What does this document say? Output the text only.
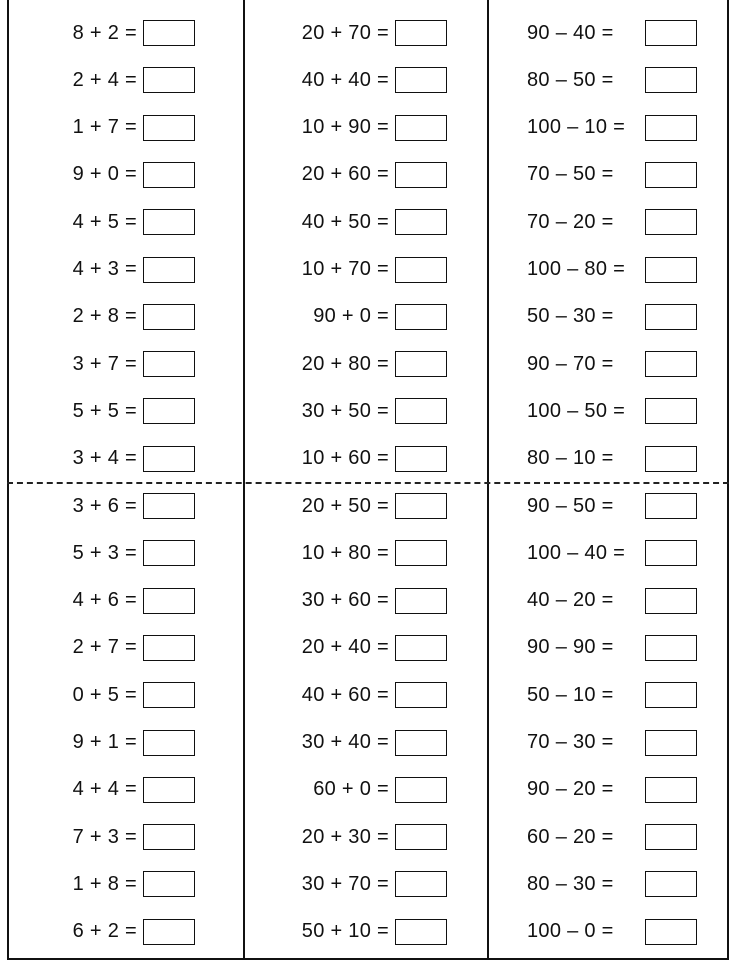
8 + 2 =
2 + 4 =
1 + 7 =
9 + 0 =
4 + 5 =
4 + 3 =
2 + 8 =
3 + 7 =
5 + 5 =
3 + 4 =
3 + 6 =
5 + 3 =
4 + 6 =
2 + 7 =
0 + 5 =
9 + 1 =
4 + 4 =
7 + 3 =
1 + 8 =
6 + 2 =
20 + 70 =
40 + 40 =
10 + 90 =
20 + 60 =
40 + 50 =
10 + 70 =
90 + 0 =
20 + 80 =
30 + 50 =
10 + 60 =
20 + 50 =
10 + 80 =
30 + 60 =
20 + 40 =
40 + 60 =
30 + 40 =
60 + 0 =
20 + 30 =
30 + 70 =
50 + 10 =
90 – 40 =
80 – 50 =
100 – 10 =
70 – 50 =
70 – 20 =
100 – 80 =
50 – 30 =
90 – 70 =
100 – 50 =
80 – 10 =
90 – 50 =
100 – 40 =
40 – 20 =
90 – 90 =
50 – 10 =
70 – 30 =
90 – 20 =
60 – 20 =
80 – 30 =
100 – 0 =
